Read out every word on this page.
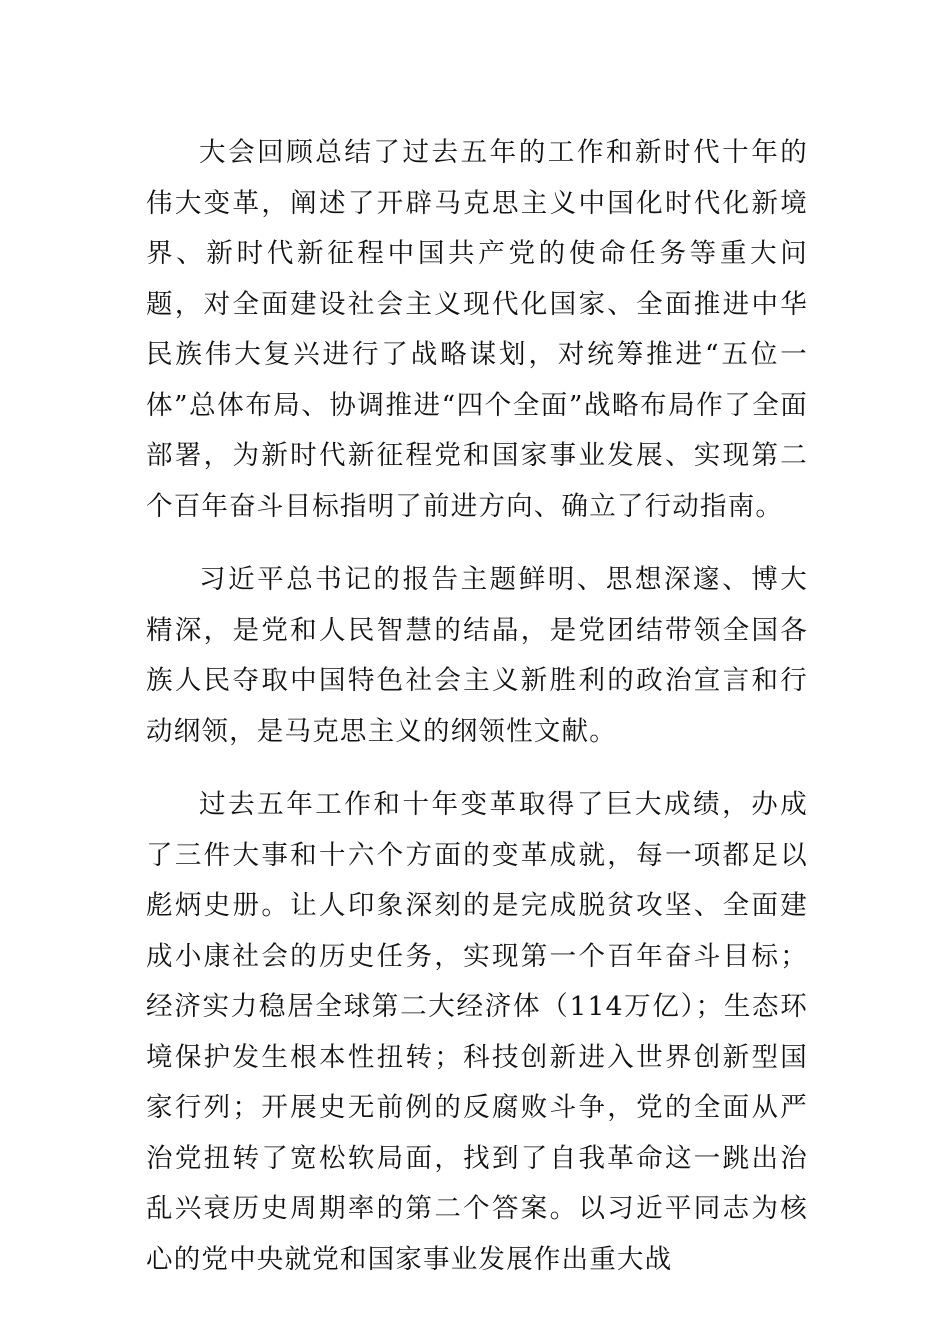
大会回顾总结了过去五年的工作和新时代十年的伟大变革，阐述了开辟马克思主义中国化时代化新境界、新时代新征程中国共产党的使命任务等重大问题，对全面建设社会主义现代化国家、全面推进中华民族伟大复兴进行了战略谋划，对统筹推进“五位一体”总体布局、协调推进“四个全面”战略布局作了全面部署，为新时代新征程党和国家事业发展、实现第二个百年奋斗目标指明了前进方向、确立了行动指南。

习近平总书记的报告主题鲜明、思想深邃、博大精深，是党和人民智慧的结晶，是党团结带领全国各族人民夺取中国特色社会主义新胜利的政治宣言和行动纲领，是马克思主义的纲领性文献。

过去五年工作和十年变革取得了巨大成绩，办成了三件大事和十六个方面的变革成就，每一项都足以彪炳史册。让人印象深刻的是完成脱贫攻坚、全面建成小康社会的历史任务，实现第一个百年奋斗目标；经济实力稳居全球第二大经济体（114万亿）；生态环境保护发生根本性扭转；科技创新进入世界创新型国家行列；开展史无前例的反腐败斗争，党的全面从严治党扭转了宽松软局面，找到了自我革命这一跳出治乱兴衰历史周期率的第二个答案。以习近平同志为核心的党中央就党和国家事业发展作出重大战
